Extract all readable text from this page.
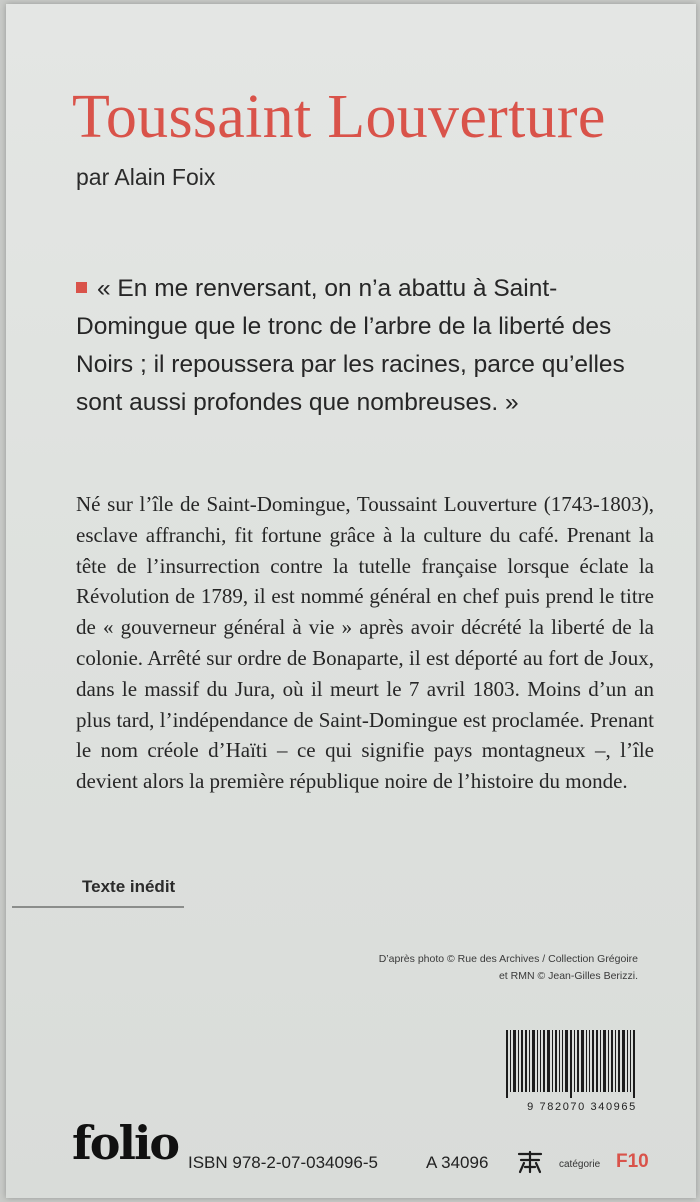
Toussaint Louverture
par Alain Foix
« En me renversant, on n’a abattu à Saint-Domingue que le tronc de l’arbre de la liberté des Noirs ; il repoussera par les racines, parce qu’elles sont aussi profondes que nombreuses. »

Né sur l’île de Saint-Domingue, Toussaint Louverture (1743-1803), esclave affranchi, fit fortune grâce à la culture du café. Prenant la tête de l’insurrection contre la tutelle française lorsque éclate la Révolution de 1789, il est nommé général en chef puis prend le titre de « gouverneur général à vie » après avoir décrété la liberté de la colonie. Arrêté sur ordre de Bonaparte, il est déporté au fort de Joux, dans le massif du Jura, où il meurt le 7 avril 1803. Moins d’un an plus tard, l’indépendance de Saint-Domingue est proclamée. Prenant le nom créole d’Haïti – ce qui signifie pays montagneux –, l’île devient alors la première république noire de l’histoire du monde.

Texte inédit
D’après photo © Rue des Archives / Collection Grégoire
et RMN © Jean-Gilles Berizzi.
9 782070 340965
folio ISBN 978-2-07-034096-5	A 34096	catégorie F10
